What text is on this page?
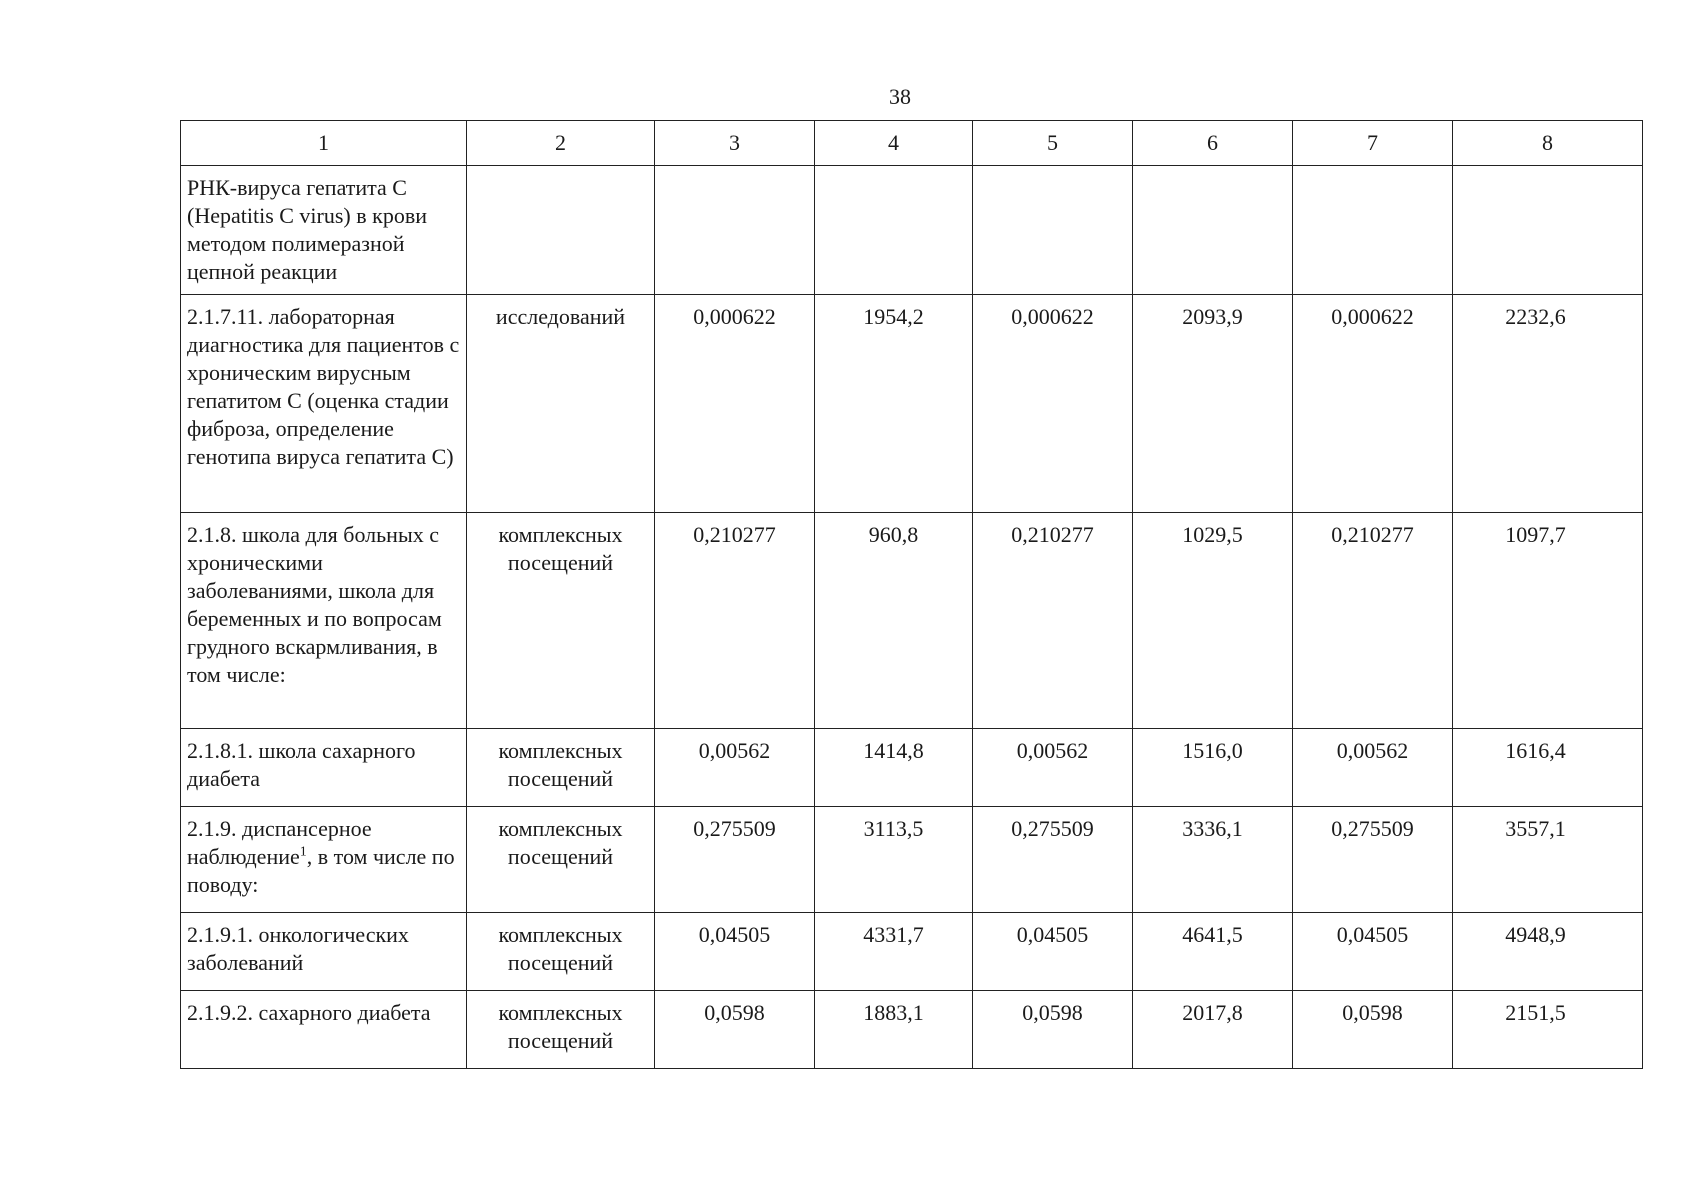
38
1	2	3	4	5	6	7	8
РНК-вируса гепатита С (Hepatitis C virus) в крови методом полимеразной цепной реакции							
2.1.7.11. лабораторная диагностика для пациентов с хроническим вирусным гепатитом С (оценка стадии фиброза, определение генотипа вируса гепатита С)	исследований	0,000622	1954,2	0,000622	2093,9	0,000622	2232,6
2.1.8. школа для больных с хроническими заболеваниями, школа для беременных и по вопросам грудного вскармливания, в том числе:	комплексных посещений	0,210277	960,8	0,210277	1029,5	0,210277	1097,7
2.1.8.1. школа сахарного диабета	комплексных посещений	0,00562	1414,8	0,00562	1516,0	0,00562	1616,4
2.1.9. диспансерное наблюдение$^1$, в том числе по поводу:	комплексных посещений	0,275509	3113,5	0,275509	3336,1	0,275509	3557,1
2.1.9.1. онкологических заболеваний	комплексных посещений	0,04505	4331,7	0,04505	4641,5	0,04505	4948,9
2.1.9.2. сахарного диабета	комплексных посещений	0,0598	1883,1	0,0598	2017,8	0,0598	2151,5
